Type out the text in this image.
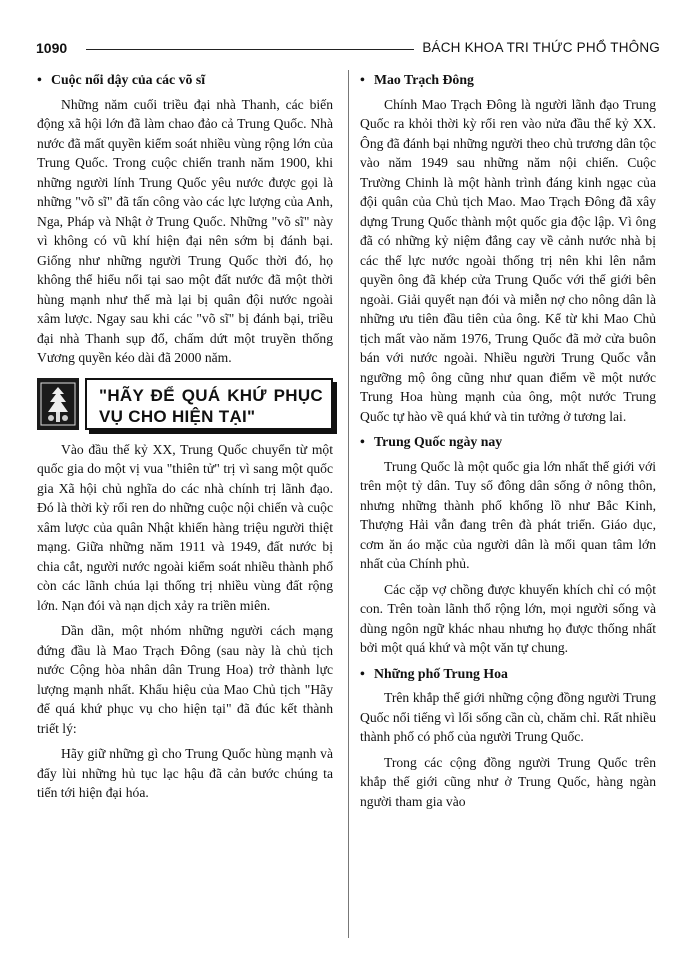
1090	BÁCH KHOA TRI THỨC PHỔ THÔNG
• Cuộc nổi dậy của các võ sĩ

Những năm cuối triều đại nhà Thanh, các biến động xã hội lớn đã làm chao đảo cả Trung Quốc. Nhà nước đã mất quyền kiểm soát nhiều vùng rộng lớn của Trung Quốc. Trong cuộc chiến tranh năm 1900, khi những người lính Trung Quốc yêu nước được gọi là những "võ sĩ" đã tấn công vào các lực lượng của Anh, Nga, Pháp và Nhật ở Trung Quốc. Những "võ sĩ" này vì không có vũ khí hiện đại nên sớm bị đánh bại. Giống như những người Trung Quốc thời đó, họ không thể hiểu nổi tại sao một đất nước đã một thời hùng mạnh như thế mà lại bị quân đội nước ngoài xâm lược. Ngay sau khi các "võ sĩ" bị đánh bại, triều đại nhà Thanh sụp đổ, chấm dứt một truyền thống Vương quyền kéo dài đã 2000 năm.

"HÃY ĐỂ QUÁ KHỨ PHỤC VỤ CHO HIỆN TẠI"

Vào đầu thế kỷ XX, Trung Quốc chuyển từ một quốc gia do một vị vua "thiên tử" trị vì sang một quốc gia Xã hội chủ nghĩa do các nhà chính trị lãnh đạo. Đó là thời kỳ rối ren do những cuộc nội chiến và cuộc xâm lược của quân Nhật khiến hàng triệu người thiệt mạng. Giữa những năm 1911 và 1949, đất nước bị chia cắt, người nước ngoài kiểm soát nhiều thành phố còn các lãnh chúa lại thống trị nhiều vùng đất rộng lớn. Nạn đói và nạn dịch xảy ra triền miên.

Dần dần, một nhóm những người cách mạng đứng đầu là Mao Trạch Đông (sau này là chủ tịch nước Cộng hòa nhân dân Trung Hoa) trở thành lực lượng mạnh nhất. Khẩu hiệu của Mao Chủ tịch "Hãy để quá khứ phục vụ cho hiện tại" đã đúc kết thành triết lý:

Hãy giữ những gì cho Trung Quốc hùng mạnh và đẩy lùi những hủ tục lạc hậu đã cản bước chúng ta tiến tới hiện đại hóa.

• Mao Trạch Đông

Chính Mao Trạch Đông là người lãnh đạo Trung Quốc ra khỏi thời kỳ rối ren vào nửa đầu thế kỷ XX. Ông đã đánh bại những người theo chủ trương dân tộc vào năm 1949 sau những năm nội chiến. Cuộc Trường Chinh là một hành trình đáng kinh ngạc của đội quân của Chủ tịch Mao. Mao Trạch Đông đã xây dựng Trung Quốc thành một quốc gia độc lập. Vì ông đã có những kỷ niệm đắng cay về cảnh nước nhà bị các thế lực nước ngoài thống trị nên khi lên nắm quyền ông đã khép cửa Trung Quốc với thế giới bên ngoài. Giải quyết nạn đói và miễn nợ cho nông dân là những ưu tiên đầu tiên của ông. Kể từ khi Mao Chủ tịch mất vào năm 1976, Trung Quốc đã mở cửa buôn bán với nước ngoài. Nhiều người Trung Quốc vẫn ngưỡng mộ ông cũng như quan điểm về một nước Trung Hoa hùng mạnh của ông, một nước Trung Quốc tự hào về quá khứ và tin tưởng ở tương lai.

• Trung Quốc ngày nay

Trung Quốc là một quốc gia lớn nhất thế giới với trên một tỷ dân. Tuy số đông dân sống ở nông thôn, nhưng những thành phố khổng lồ như Bắc Kinh, Thượng Hải vẫn đang trên đà phát triển. Giáo dục, cơm ăn áo mặc của người dân là mối quan tâm lớn nhất của Chính phủ.

Các cặp vợ chồng được khuyến khích chỉ có một con. Trên toàn lãnh thổ rộng lớn, mọi người sống và dùng ngôn ngữ khác nhau nhưng họ được thống nhất bởi một quá khứ và một văn tự chung.

• Những phố Trung Hoa

Trên khắp thế giới những cộng đồng người Trung Quốc nổi tiếng vì lối sống cần cù, chăm chỉ. Rất nhiều thành phố có phố của người Trung Quốc.

Trong các cộng đồng người Trung Quốc trên khắp thế giới cũng như ở Trung Quốc, hàng ngàn người tham gia vào
